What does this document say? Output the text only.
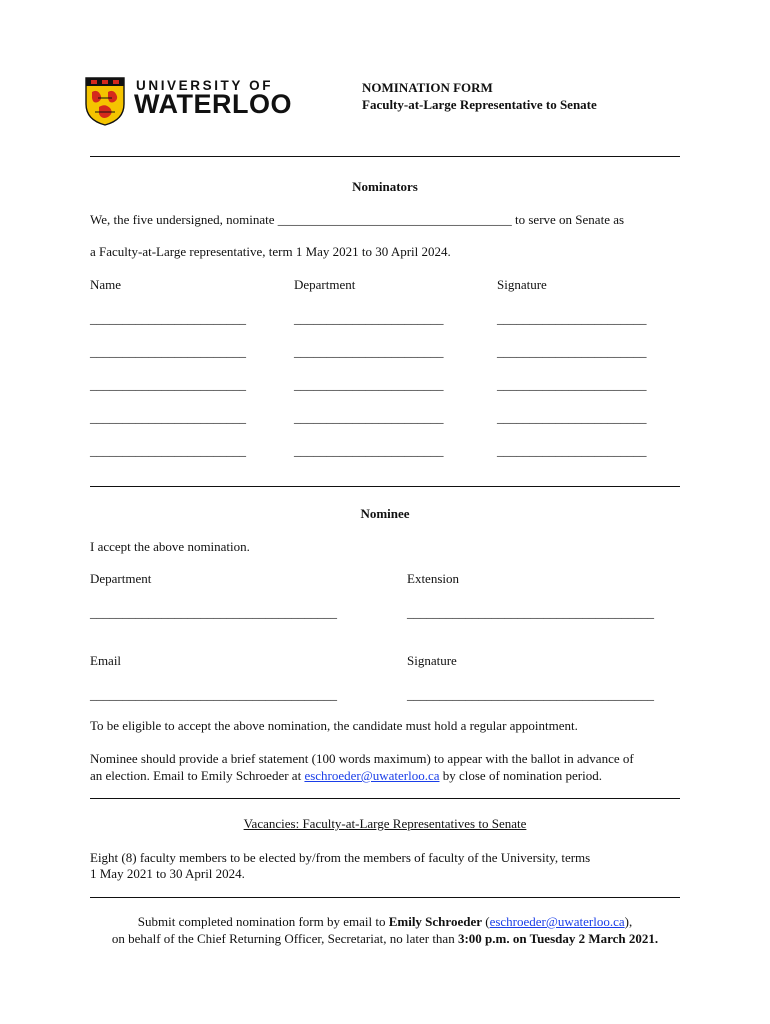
UNIVERSITY OF
WATERLOO
NOMINATION FORM
Faculty-at-Large Representative to Senate
Nominators
We, the five undersigned, nominate ____________________________________ to serve on Senate as
a Faculty-at-Large representative, term 1 May 2021 to 30 April 2024.
Name	Department	Signature
________________________	_______________________	_______________________
________________________	_______________________	_______________________
________________________	_______________________	_______________________
________________________	_______________________	_______________________
________________________	_______________________	_______________________
Nominee
I accept the above nomination.
Department	Extension
______________________________________	______________________________________
Email	Signature
______________________________________	______________________________________
To be eligible to accept the above nomination, the candidate must hold a regular appointment.
Nominee should provide a brief statement (100 words maximum) to appear with the ballot in advance of
an election. Email to Emily Schroeder at eschroeder@uwaterloo.ca by close of nomination period.
Vacancies: Faculty-at-Large Representatives to Senate
Eight (8) faculty members to be elected by/from the members of faculty of the University, terms
1 May 2021 to 30 April 2024.
Submit completed nomination form by email to Emily Schroeder (eschroeder@uwaterloo.ca),
on behalf of the Chief Returning Officer, Secretariat, no later than 3:00 p.m. on Tuesday 2 March 2021.
